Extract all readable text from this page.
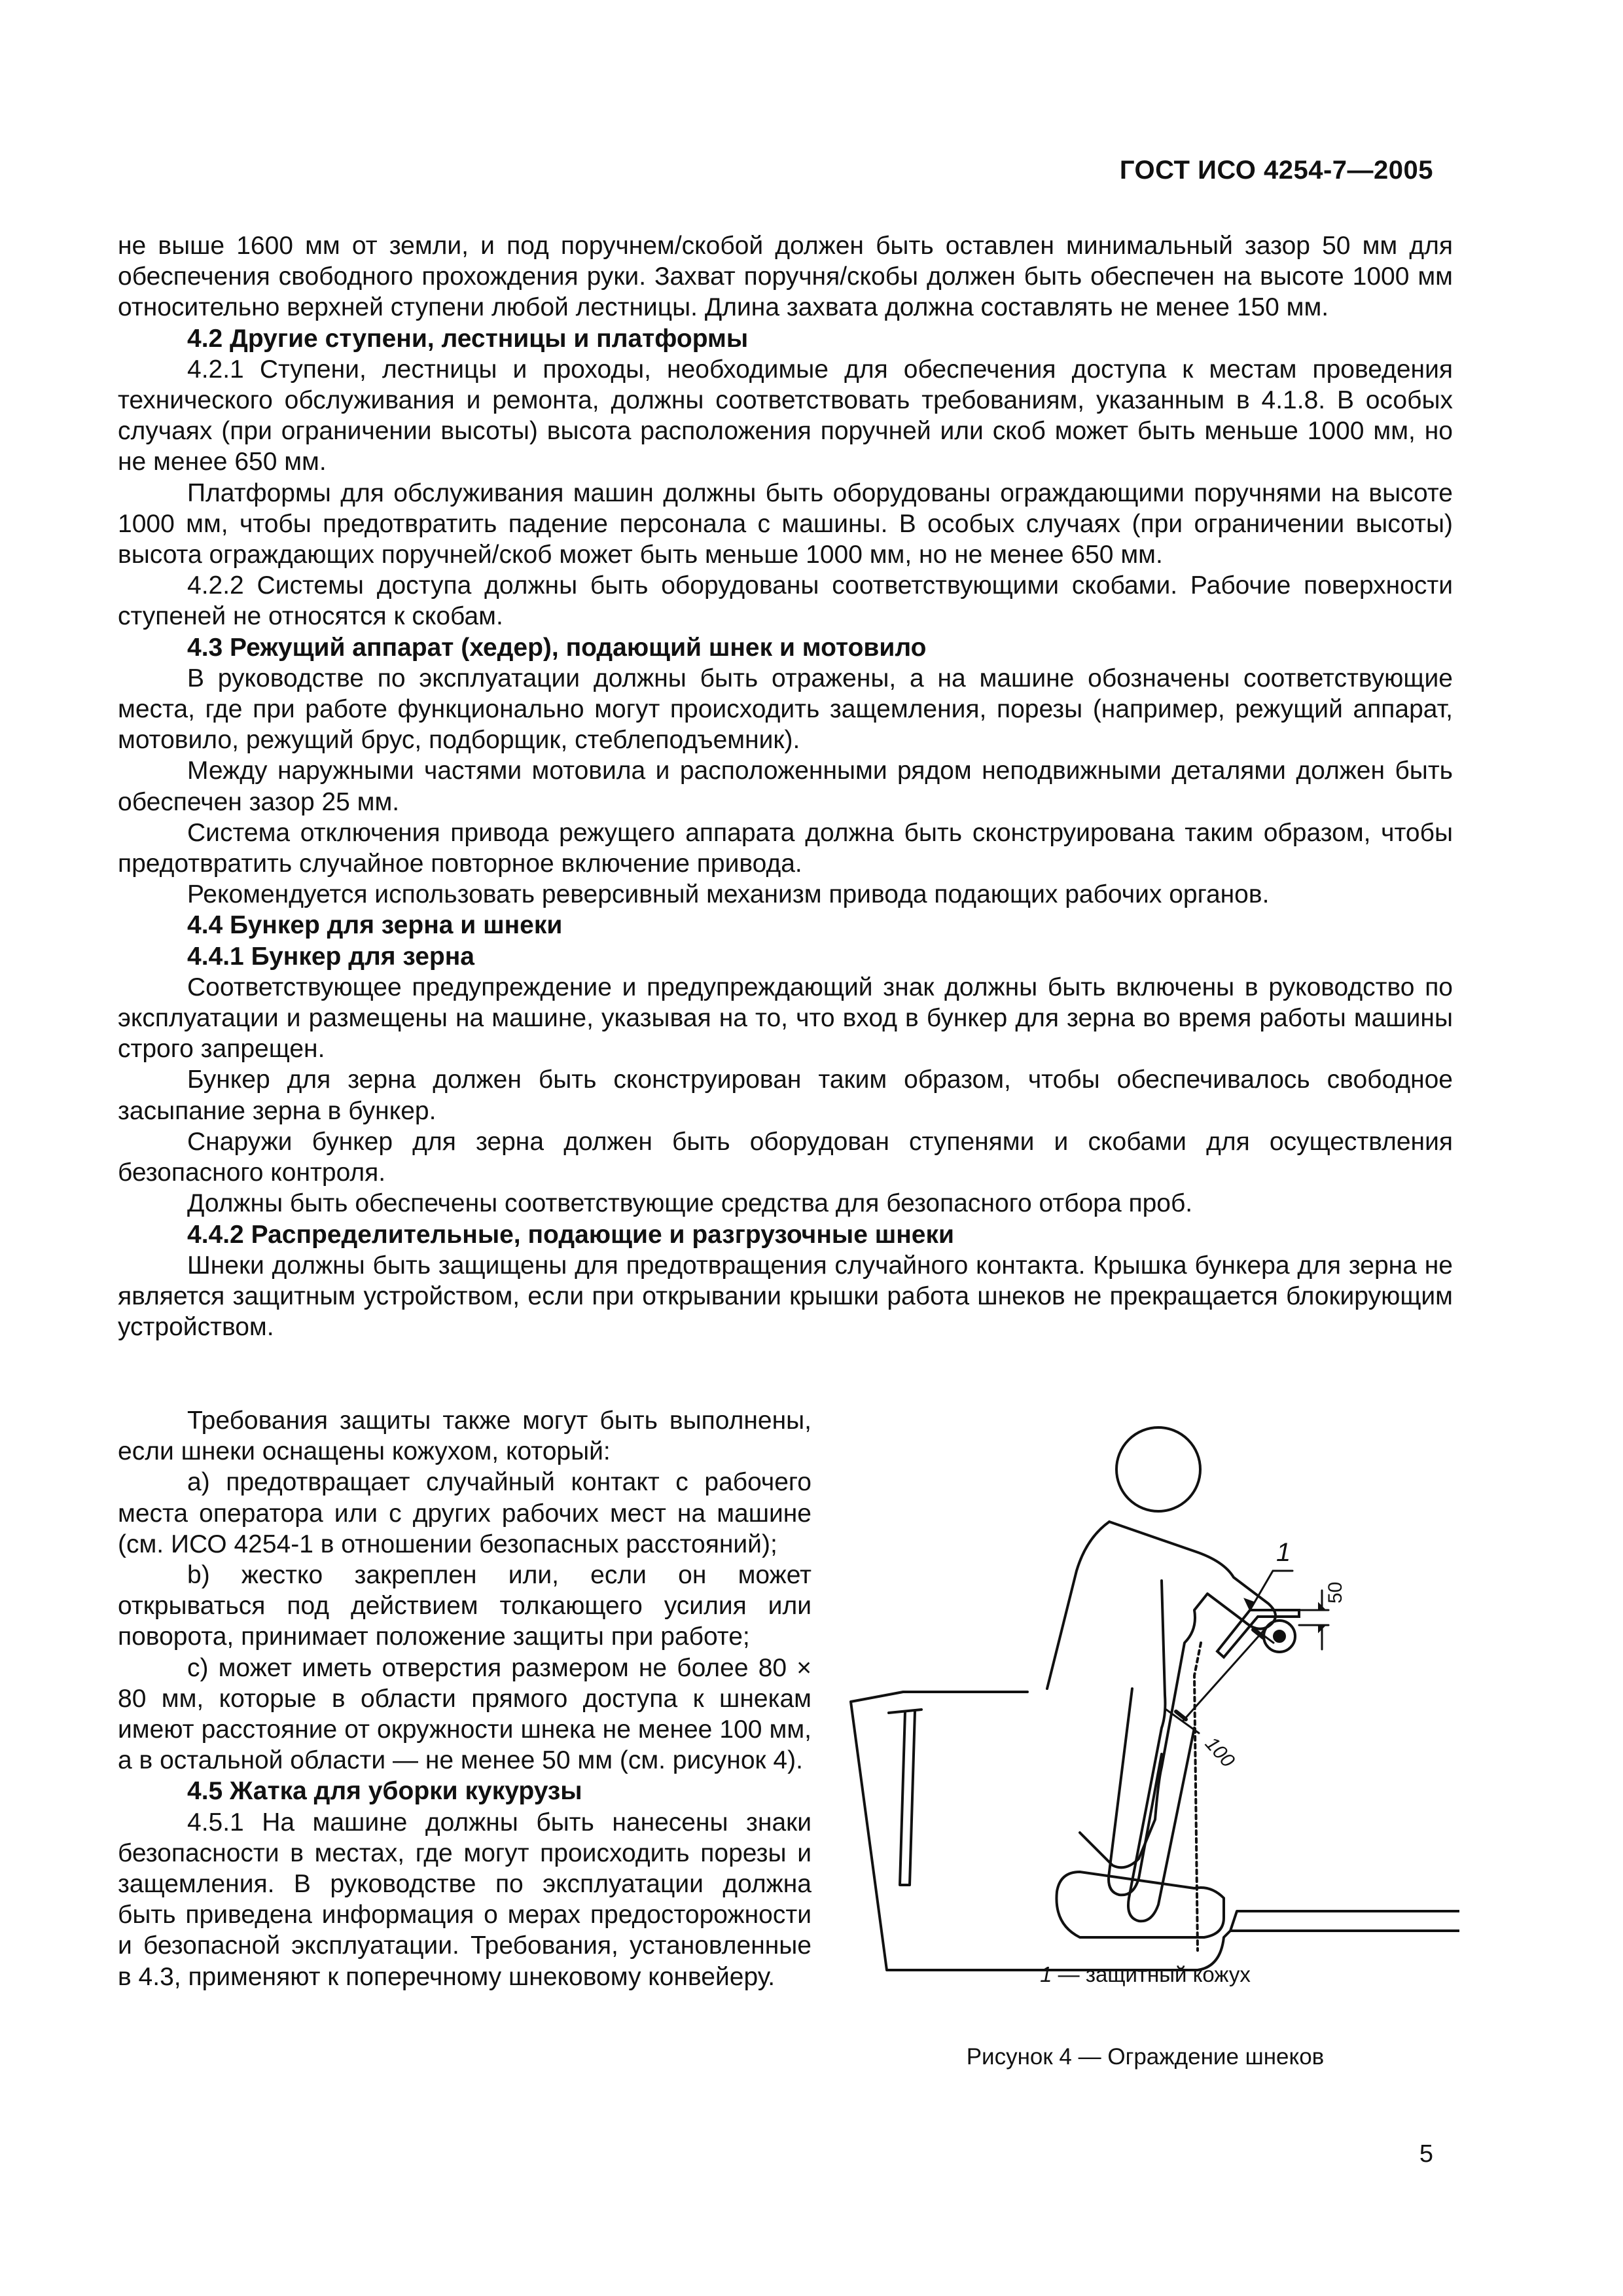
ГОСТ ИСО 4254-7—2005

не выше 1600 мм от земли, и под поручнем/скобой должен быть оставлен минимальный зазор 50 мм для обеспечения свободного прохождения руки. Захват поручня/скобы должен быть обеспечен на высоте 1000 мм относительно верхней ступени любой лестницы. Длина захвата должна составлять не менее 150 мм.

4.2 Другие ступени, лестницы и платформы

4.2.1 Ступени, лестницы и проходы, необходимые для обеспечения доступа к местам проведения технического обслуживания и ремонта, должны соответствовать требованиям, указанным в 4.1.8. В особых случаях (при ограничении высоты) высота расположения поручней или скоб может быть меньше 1000 мм, но не менее 650 мм.

Платформы для обслуживания машин должны быть оборудованы ограждающими поручнями на высоте 1000 мм, чтобы предотвратить падение персонала с машины. В особых случаях (при ограничении высоты) высота ограждающих поручней/скоб может быть меньше 1000 мм, но не менее 650 мм.

4.2.2 Системы доступа должны быть оборудованы соответствующими скобами. Рабочие поверхности ступеней не относятся к скобам.

4.3 Режущий аппарат (хедер), подающий шнек и мотовило

В руководстве по эксплуатации должны быть отражены, а на машине обозначены соответствующие места, где при работе функционально могут происходить защемления, порезы (например, режущий аппарат, мотовило, режущий брус, подборщик, стеблеподъемник).

Между наружными частями мотовила и расположенными рядом неподвижными деталями должен быть обеспечен зазор 25 мм.

Система отключения привода режущего аппарата должна быть сконструирована таким образом, чтобы предотвратить случайное повторное включение привода.

Рекомендуется использовать реверсивный механизм привода подающих рабочих органов.

4.4 Бункер для зерна и шнеки

4.4.1 Бункер для зерна

Соответствующее предупреждение и предупреждающий знак должны быть включены в руководство по эксплуатации и размещены на машине, указывая на то, что вход в бункер для зерна во время работы машины строго запрещен.

Бункер для зерна должен быть сконструирован таким образом, чтобы обеспечивалось свободное засыпание зерна в бункер.

Снаружи бункер для зерна должен быть оборудован ступенями и скобами для осуществления безопасного контроля.

Должны быть обеспечены соответствующие средства для безопасного отбора проб.

4.4.2 Распределительные, подающие и разгрузочные шнеки

Шнеки должны быть защищены для предотвращения случайного контакта. Крышка бункера для зерна не является защитным устройством, если при открывании крышки работа шнеков не прекращается блокирующим устройством.

Требования защиты также могут быть выполнены, если шнеки оснащены кожухом, который:

а) предотвращает случайный контакт с рабочего места оператора или с других рабочих мест на машине (см. ИСО 4254-1 в отношении безопасных расстояний);

b) жестко закреплен или, если он может открываться под действием толкающего усилия или поворота, принимает положение защиты при работе;

с) может иметь отверстия размером не более 80 × 80 мм, которые в области прямого доступа к шнекам имеют расстояние от окружности шнека не менее 100 мм, а в остальной области — не менее 50 мм (см. рисунок 4).

4.5 Жатка для уборки кукурузы

4.5.1 На машине должны быть нанесены знаки безопасности в местах, где могут происходить порезы и защемления. В руководстве по эксплуатации должна быть приведена информация о мерах предосторожности и безопасной эксплуатации. Требования, установленные в 4.3, применяют к поперечному шнековому конвейеру.

1
50
100
1 — защитный кожух
Рисунок 4 — Ограждение шнеков
5
